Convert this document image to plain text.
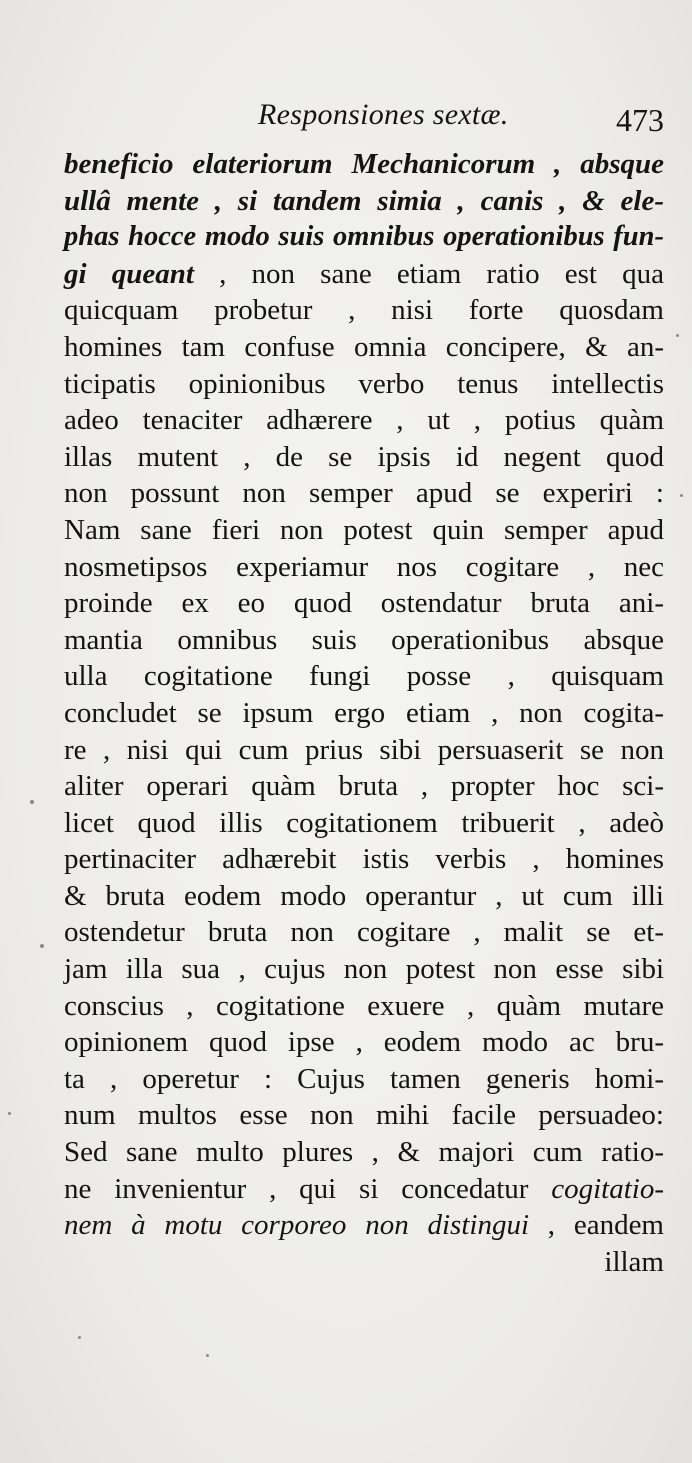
Responsiones sextæ.	473
beneficio elateriorum Mechanicorum , absque
ullâ mente , si tandem simia , canis , & ele-
phas hocce modo suis omnibus operationibus fun-
gi queant , non sane etiam ratio est qua
quicquam probetur , nisi forte quosdam
homines tam confuse omnia concipere, & an-
ticipatis opinionibus verbo tenus intellectis
adeo tenaciter adhærere , ut , potius quàm
illas mutent , de se ipsis id negent quod
non possunt non semper apud se experiri :
Nam sane fieri non potest quin semper apud
nosmetipsos experiamur nos cogitare , nec
proinde ex eo quod ostendatur bruta ani-
mantia omnibus suis operationibus absque
ulla cogitatione fungi posse , quisquam
concludet se ipsum ergo etiam , non cogita-
re , nisi qui cum prius sibi persuaserit se non
aliter operari quàm bruta , propter hoc sci-
licet quod illis cogitationem tribuerit , adeò
pertinaciter adhærebit istis verbis , homines
& bruta eodem modo operantur , ut cum illi
ostendetur bruta non cogitare , malit se et-
jam illa sua , cujus non potest non esse sibi
conscius , cogitatione exuere , quàm mutare
opinionem quod ipse , eodem modo ac bru-
ta , operetur : Cujus tamen generis homi-
num multos esse non mihi facile persuadeo:
Sed sane multo plures , & majori cum ratio-
ne invenientur , qui si concedatur cogitatio-
nem à motu corporeo non distingui , eandem
illam
